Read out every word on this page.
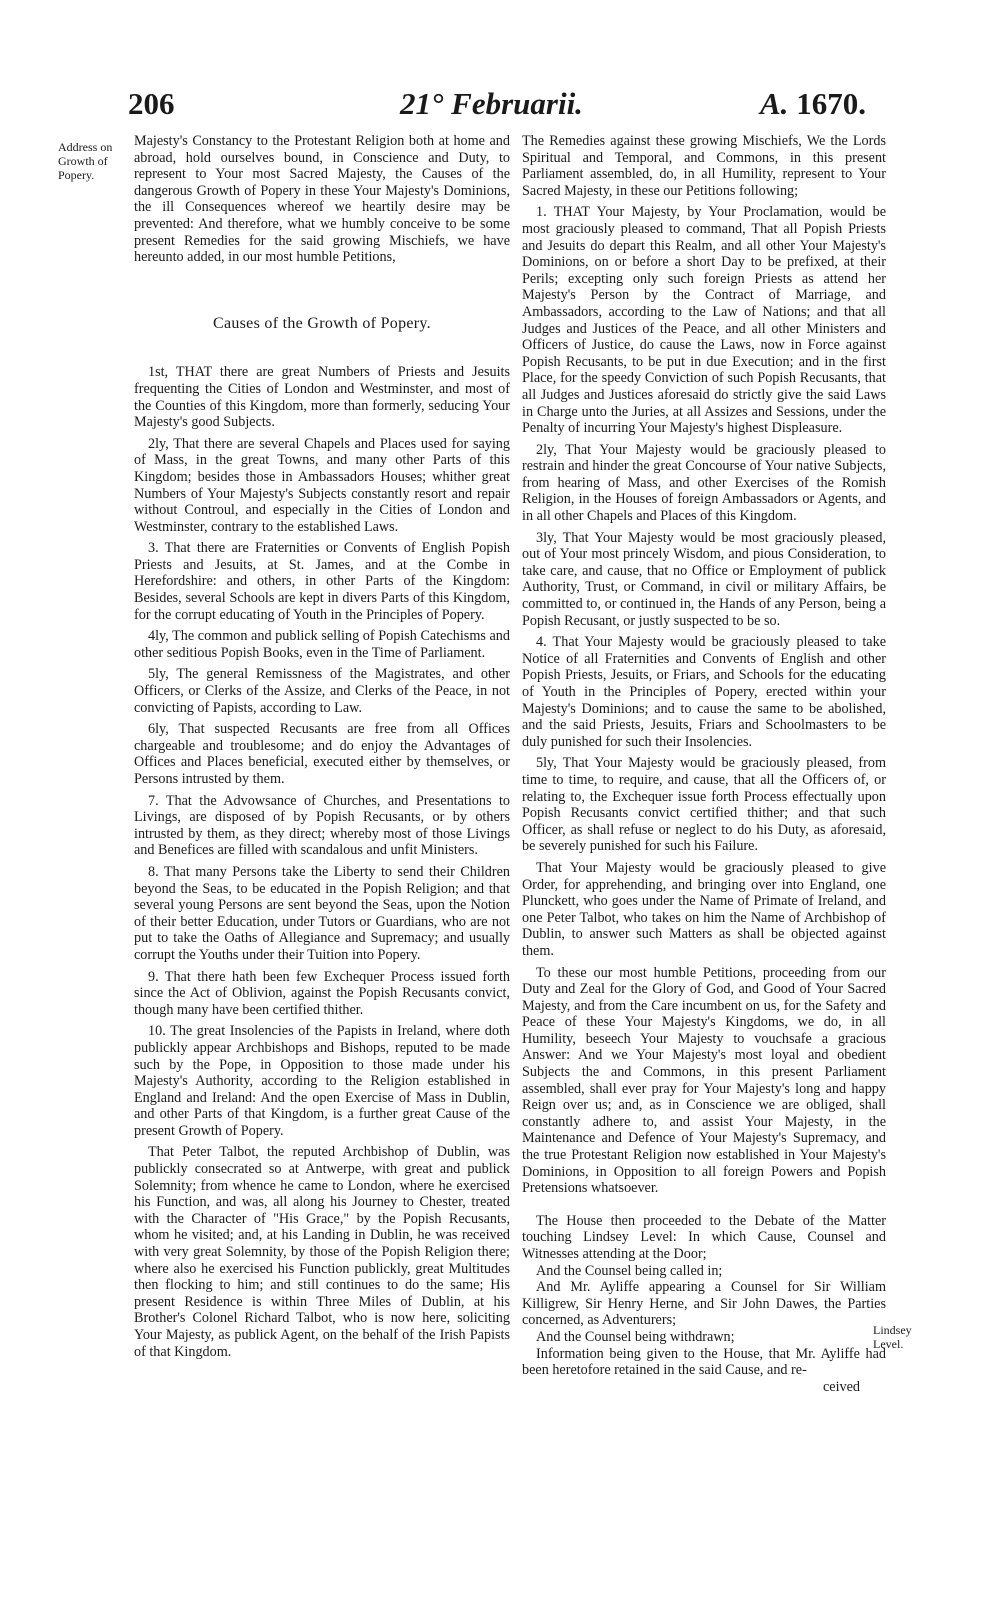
206	21° Februarii.	A. 1670.
Address on
Growth of
Popery.
Lindsey
Level.

Majesty's Constancy to the Protestant Religion both at home and abroad, hold ourselves bound, in Conscience and Duty, to represent to Your most Sacred Majesty, the Causes of the dangerous Growth of Popery in these Your Majesty's Dominions, the ill Consequences whereof we heartily desire may be prevented: And therefore, what we humbly conceive to be some present Remedies for the said growing Mischiefs, we have hereunto added, in our most humble Petitions,

Causes of the Growth of Popery.

1st, THAT there are great Numbers of Priests and Jesuits frequenting the Cities of London and Westminster, and most of the Counties of this Kingdom, more than formerly, seducing Your Majesty's good Subjects.

2ly, That there are several Chapels and Places used for saying of Mass, in the great Towns, and many other Parts of this Kingdom; besides those in Ambassadors Houses; whither great Numbers of Your Majesty's Subjects constantly resort and repair without Controul, and especially in the Cities of London and Westminster, contrary to the established Laws.

3. That there are Fraternities or Convents of English Popish Priests and Jesuits, at St. James, and at the Combe in Herefordshire: and others, in other Parts of the Kingdom: Besides, several Schools are kept in divers Parts of this Kingdom, for the corrupt educating of Youth in the Principles of Popery.

4ly, The common and publick selling of Popish Catechisms and other seditious Popish Books, even in the Time of Parliament.

5ly, The general Remissness of the Magistrates, and other Officers, or Clerks of the Assize, and Clerks of the Peace, in not convicting of Papists, according to Law.

6ly, That suspected Recusants are free from all Offices chargeable and troublesome; and do enjoy the Advantages of Offices and Places beneficial, executed either by themselves, or Persons intrusted by them.

7. That the Advowsance of Churches, and Presentations to Livings, are disposed of by Popish Recusants, or by others intrusted by them, as they direct; whereby most of those Livings and Benefices are filled with scandalous and unfit Ministers.

8. That many Persons take the Liberty to send their Children beyond the Seas, to be educated in the Popish Religion; and that several young Persons are sent beyond the Seas, upon the Notion of their better Education, under Tutors or Guardians, who are not put to take the Oaths of Allegiance and Supremacy; and usually corrupt the Youths under their Tuition into Popery.

9. That there hath been few Exchequer Process issued forth since the Act of Oblivion, against the Popish Recusants convict, though many have been certified thither.

10. The great Insolencies of the Papists in Ireland, where doth publickly appear Archbishops and Bishops, reputed to be made such by the Pope, in Opposition to those made under his Majesty's Authority, according to the Religion established in England and Ireland: And the open Exercise of Mass in Dublin, and other Parts of that Kingdom, is a further great Cause of the present Growth of Popery.

That Peter Talbot, the reputed Archbishop of Dublin, was publickly consecrated so at Antwerpe, with great and publick Solemnity; from whence he came to London, where he exercised his Function, and was, all along his Journey to Chester, treated with the Character of "His Grace," by the Popish Recusants, whom he visited; and, at his Landing in Dublin, he was received with very great Solemnity, by those of the Popish Religion there; where also he exercised his Function publickly, great Multitudes then flocking to him; and still continues to do the same; His present Residence is within Three Miles of Dublin, at his Brother's Colonel Richard Talbot, who is now here, soliciting Your Majesty, as publick Agent, on the behalf of the Irish Papists of that Kingdom.

The Remedies against these growing Mischiefs, We the Lords Spiritual and Temporal, and Commons, in this present Parliament assembled, do, in all Humility, represent to Your Sacred Majesty, in these our Petitions following;

1. THAT Your Majesty, by Your Proclamation, would be most graciously pleased to command, That all Popish Priests and Jesuits do depart this Realm, and all other Your Majesty's Dominions, on or before a short Day to be prefixed, at their Perils; excepting only such foreign Priests as attend her Majesty's Person by the Contract of Marriage, and Ambassadors, according to the Law of Nations; and that all Judges and Justices of the Peace, and all other Ministers and Officers of Justice, do cause the Laws, now in Force against Popish Recusants, to be put in due Execution; and in the first Place, for the speedy Conviction of such Popish Recusants, that all Judges and Justices aforesaid do strictly give the said Laws in Charge unto the Juries, at all Assizes and Sessions, under the Penalty of incurring Your Majesty's highest Displeasure.

2ly, That Your Majesty would be graciously pleased to restrain and hinder the great Concourse of Your native Subjects, from hearing of Mass, and other Exercises of the Romish Religion, in the Houses of foreign Ambassadors or Agents, and in all other Chapels and Places of this Kingdom.

3ly, That Your Majesty would be most graciously pleased, out of Your most princely Wisdom, and pious Consideration, to take care, and cause, that no Office or Employment of publick Authority, Trust, or Command, in civil or military Affairs, be committed to, or continued in, the Hands of any Person, being a Popish Recusant, or justly suspected to be so.

4. That Your Majesty would be graciously pleased to take Notice of all Fraternities and Convents of English and other Popish Priests, Jesuits, or Friars, and Schools for the educating of Youth in the Principles of Popery, erected within your Majesty's Dominions; and to cause the same to be abolished, and the said Priests, Jesuits, Friars and Schoolmasters to be duly punished for such their Insolencies.

5ly, That Your Majesty would be graciously pleased, from time to time, to require, and cause, that all the Officers of, or relating to, the Exchequer issue forth Process effectually upon Popish Recusants convict certified thither; and that such Officer, as shall refuse or neglect to do his Duty, as aforesaid, be severely punished for such his Failure.

That Your Majesty would be graciously pleased to give Order, for apprehending, and bringing over into England, one Plunckett, who goes under the Name of Primate of Ireland, and one Peter Talbot, who takes on him the Name of Archbishop of Dublin, to answer such Matters as shall be objected against them.

To these our most humble Petitions, proceeding from our Duty and Zeal for the Glory of God, and Good of Your Sacred Majesty, and from the Care incumbent on us, for the Safety and Peace of these Your Majesty's Kingdoms, we do, in all Humility, beseech Your Majesty to vouchsafe a gracious Answer: And we Your Majesty's most loyal and obedient Subjects the and Commons, in this present Parliament assembled, shall ever pray for Your Majesty's long and happy Reign over us; and, as in Conscience we are obliged, shall constantly adhere to, and assist Your Majesty, in the Maintenance and Defence of Your Majesty's Supremacy, and the true Protestant Religion now established in Your Majesty's Dominions, in Opposition to all foreign Powers and Popish Pretensions whatsoever.

The House then proceeded to the Debate of the Matter touching Lindsey Level: In which Cause, Counsel and Witnesses attending at the Door;

And the Counsel being called in;

And Mr. Ayliffe appearing a Counsel for Sir William Killigrew, Sir Henry Herne, and Sir John Dawes, the Parties concerned, as Adventurers;

And the Counsel being withdrawn;

Information being given to the House, that Mr. Ayliffe had been heretofore retained in the said Cause, and re-

ceived
